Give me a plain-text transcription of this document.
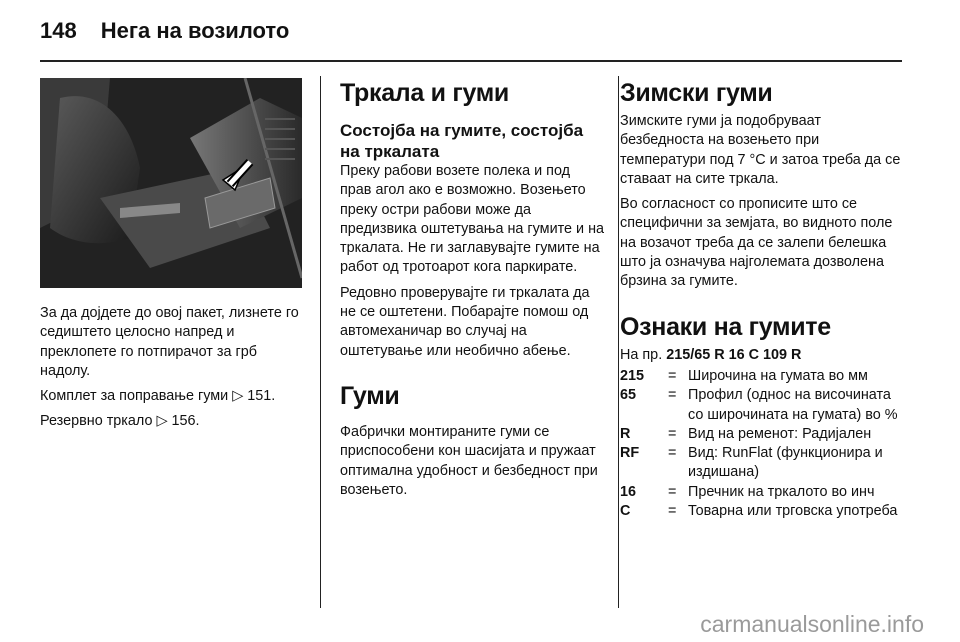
148 Нега на возилото

За да дојдете до овој пакет, лизнете го седиштето целосно напред и преклопете го потпирачот за грб надолу.

Комплет за поправање гуми ▷ 151.

Резервно тркало ▷ 156.

Тркала и гуми
Состојба на гумите, состојба на тркалата

Преку рабови возете полека и под прав агол ако е возможно. Возењето преку остри рабови може да предизвика оштетувања на гумите и на тркалата. Не ги заглавувајте гумите на работ од тротоарот кога паркирате.

Редовно проверувајте ги тркалата да не се оштетени. Побарајте помош од автомеханичар во случај на оштетување или необично абење.

Гуми

Фабрички монтираните гуми се приспособени кон шасијата и пружаат оптимална удобност и безбедност при возењето.

Зимски гуми

Зимските гуми ја подобруваат безбедноста на возењето при температури под 7 °C и затоа треба да се ставаат на сите тркала.

Во согласност со прописите што се специфични за земјата, во видното поле на возачот треба да се залепи белешка што ја означува најголемата дозволена брзина за гумите.

Ознаки на гумите

На пр. 215/65 R 16 C 109 R

215	=	Широчина на гумата во мм
65	=	Профил (однос на височината со широчината на гумата) во %
R	=	Вид на ременот: Радијален
RF	=	Вид: RunFlat (функционира и издишана)
16	=	Пречник на тркалото во инч
C	=	Товарна или трговска употреба
carmanualsonline.info
